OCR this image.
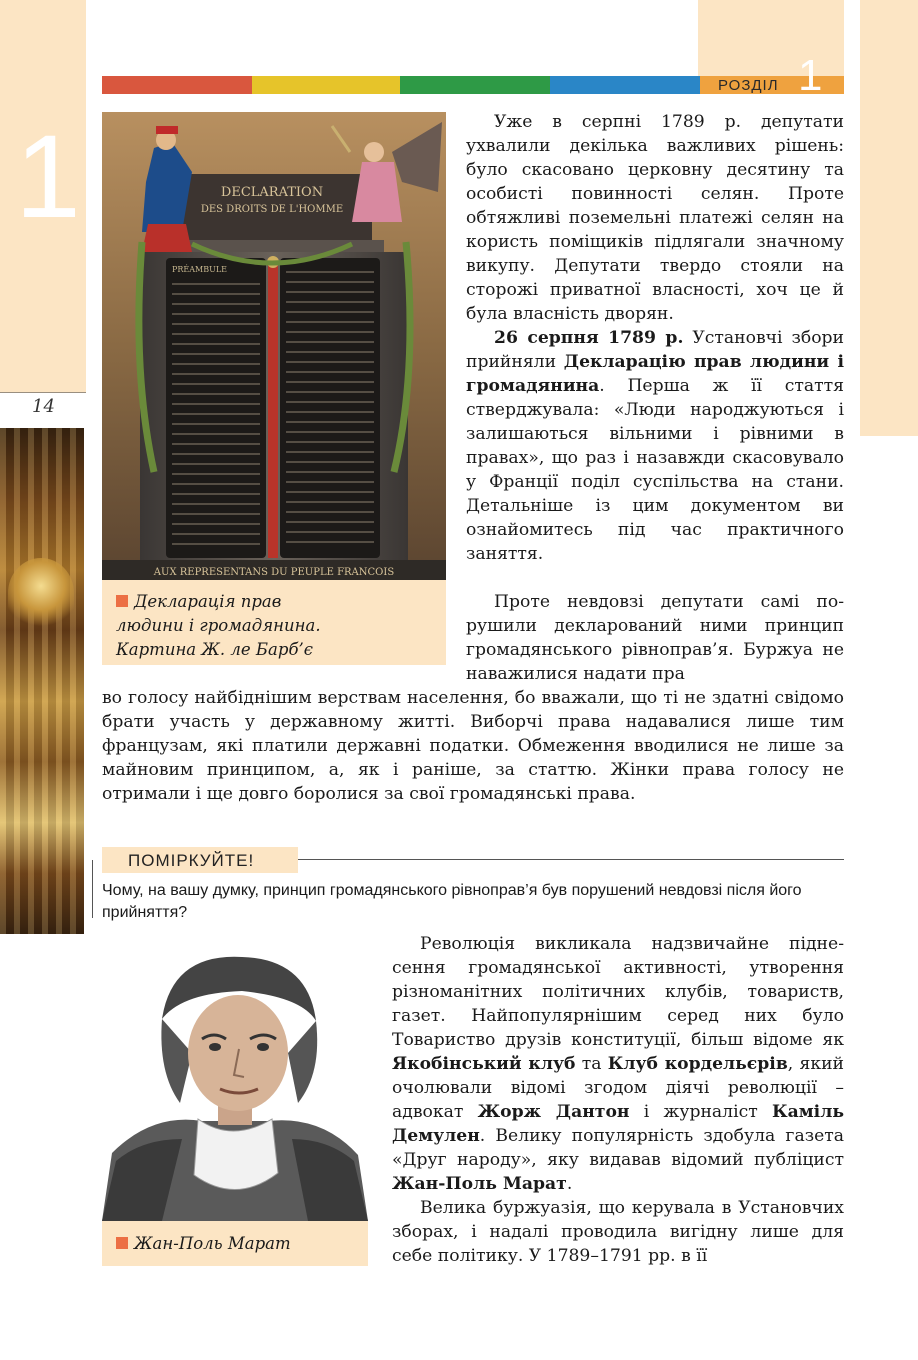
1
14
РОЗДІЛ 1
DECLARATION
DES DROITS DE L'HOMME
PRÉAMBULE
AUX REPRESENTANS DU PEUPLE FRANCOIS
Декларація прав
людини і громадянина.
Картина Ж. ле Барб’є

Уже в серпні 1789 р. депутати ухвалили декілька важливих рішень: було скасовано церковну десятину та особисті повинності селян. Проте обтяжливі поземельні платежі селян на користь поміщиків підлягали значному викупу. Депутати твердо стояли на сторожі приватної власності, хоч це й була власність дворян.

26 серпня 1789 р. Установчі збори прийняли Декларацію прав людини і громадянина. Перша ж її стаття стверджувала: «Люди народжуються і залишаються вільними і рівними в правах», що раз і назавжди скасовувало у Франції поділ суспільства на стани. Детальніше із цим документом ви ознайомитесь під час практичного заняття.

Проте невдовзі депутати самі порушили декларований ними принцип громадянського рівноправ’я. Буржуа не наважилися надати пра

во голосу найбіднішим верствам населення, бо вважали, що ті не здатні свідомо брати участь у державному житті. Виборчі права надавалися лише тим французам, які платили державні податки. Обмеження вводилися не лише за майновим принципом, а, як і раніше, за статтю. Жінки права голосу не отримали і ще довго боролися за свої громадянські права.

ПОМІРКУЙТЕ!

Чому, на вашу думку, принцип громадянського рівноправ’я був порушений невдовзі після його прийняття?

Жан-Поль Марат

Революція викликала надзвичайне піднесення громадянської активності, утворення різноманітних політичних клубів, товариств, газет. Найпопулярнішим серед них було Товариство друзів конституції, більш відоме як Якобінський клуб та Клуб кордельєрів, який очолювали відомі згодом діячі революції – адвокат Жорж Дантон і журналіст Каміль Демулен. Велику популярність здобула газета «Друг народу», яку видавав відомий публіцист Жан-Поль Марат.

Велика буржуазія, що керувала в Установчих зборах, і надалі проводила вигідну лише для себе політику. У 1789–1791 рр. в її
